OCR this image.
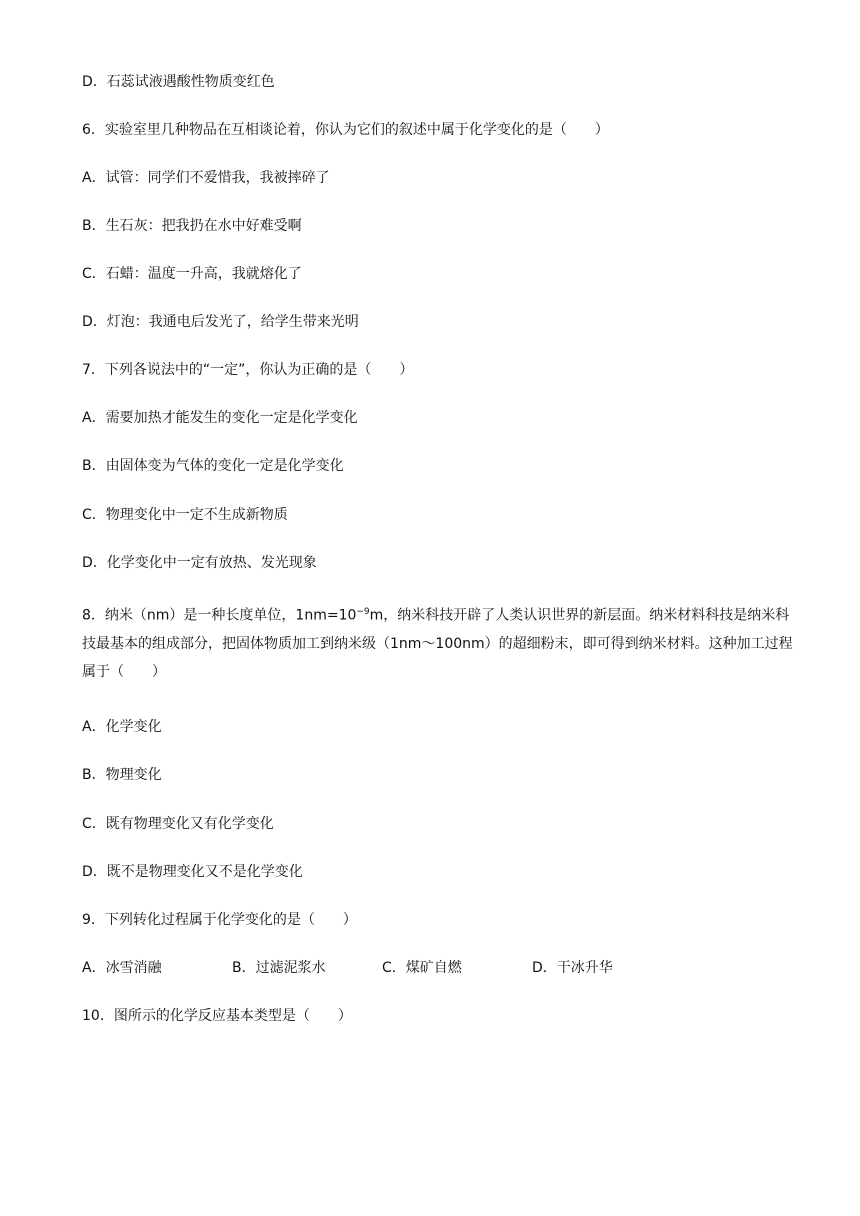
D．石蕊试液遇酸性物质变红色
6．实验室里几种物品在互相谈论着，你认为它们的叙述中属于化学变化的是（　　）
A．试管：同学们不爱惜我，我被摔碎了
B．生石灰：把我扔在水中好难受啊
C．石蜡：温度一升高，我就熔化了
D．灯泡：我通电后发光了，给学生带来光明
7．下列各说法中的“一定”，你认为正确的是（　　）
A．需要加热才能发生的变化一定是化学变化
B．由固体变为气体的变化一定是化学变化
C．物理变化中一定不生成新物质
D．化学变化中一定有放热、发光现象
8．纳米（nm）是一种长度单位，$1nm=10^{-9}m$，纳米科技开辟了人类认识世界的新层面。纳米材料科技是纳米科技最基本的组成部分，把固体物质加工到纳米级（1nm～100nm）的超细粉末，即可得到纳米材料。这种加工过程属于（　　）
A．化学变化
B．物理变化
C．既有物理变化又有化学变化
D．既不是物理变化又不是化学变化
9．下列转化过程属于化学变化的是（　　）
A．冰雪消融	B．过滤泥浆水	C．煤矿自燃	D．干冰升华
10．图所示的化学反应基本类型是（　　）
